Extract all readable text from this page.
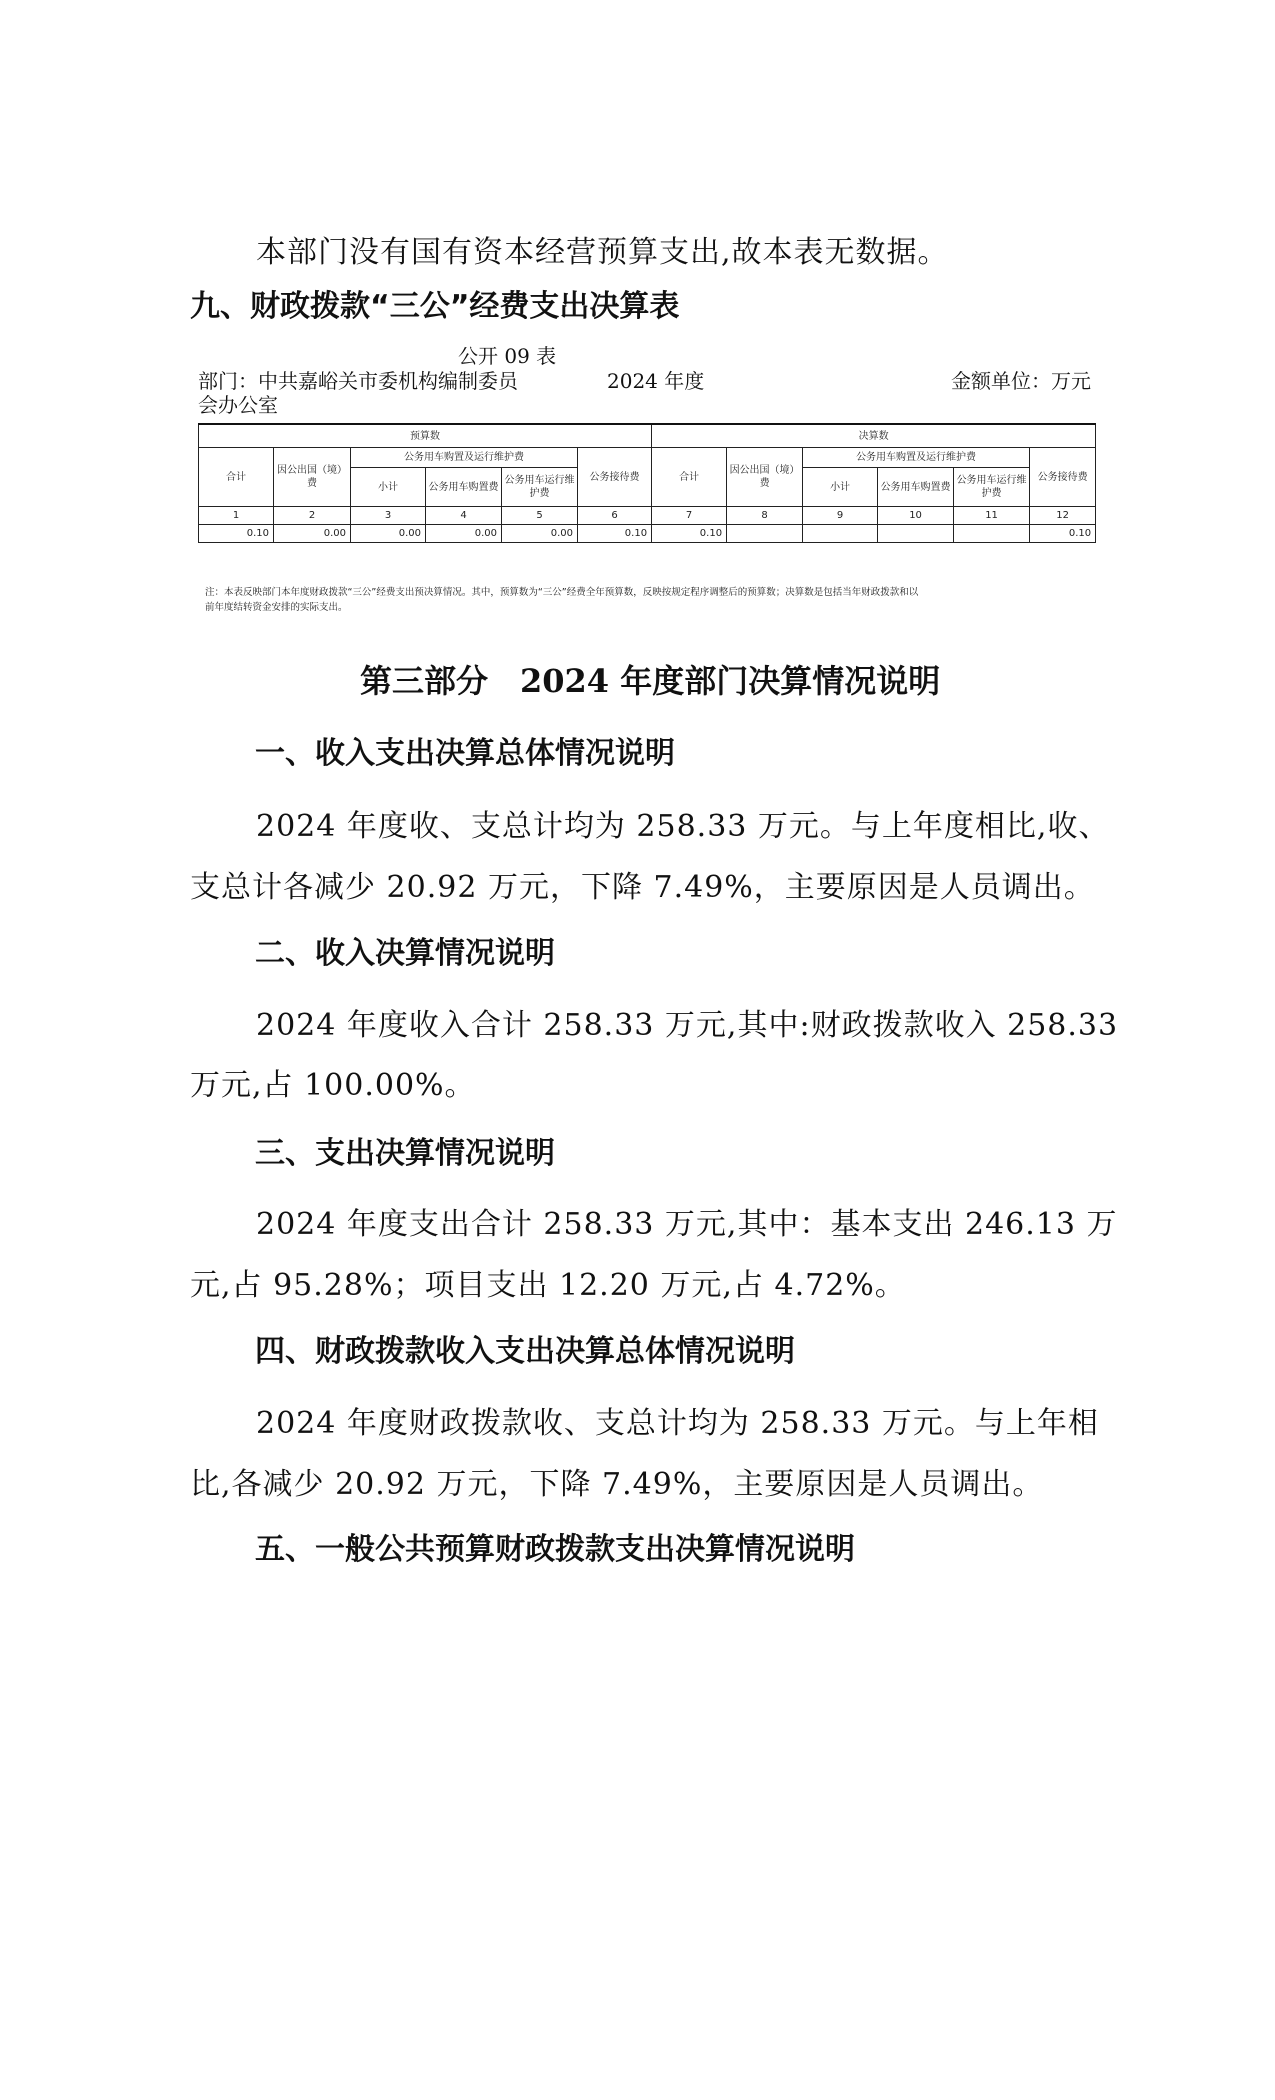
本部门没有国有资本经营预算支出,故本表无数据。
九、财政拨款“三公”经费支出决算表
公开 09 表
部门：中共嘉峪关市委机构编制委员
会办公室
2024 年度	金额单位：万元
预算数						决算数					
合计	因公出国（境）费	公务用车购置及运行维护费			公务接待费	合计	因公出国（境）费	公务用车购置及运行维护费			公务接待费
		小计	公务用车购置费	公务用车运行维护费				小计	公务用车购置费	公务用车运行维护费	
1	2	3	4	5	6	7	8	9	10	11	12
0.10	0.00	0.00	0.00	0.00	0.10	0.10					0.10
注：本表反映部门本年度财政拨款“三公”经费支出预决算情况。其中，预算数为“三公”经费全年预算数，反映按规定程序调整后的预算数；决算数是包括当年财政拨款和以
前年度结转资金安排的实际支出。
第三部分　2024 年度部门决算情况说明
一、收入支出决算总体情况说明
2024 年度收、支总计均为 258.33 万元。与上年度相比,收、
支总计各减少 20.92 万元，下降 7.49%，主要原因是人员调出。
二、收入决算情况说明
2024 年度收入合计 258.33 万元,其中:财政拨款收入 258.33
万元,占 100.00%。
三、支出决算情况说明
2024 年度支出合计 258.33 万元,其中：基本支出 246.13 万
元,占 95.28%；项目支出 12.20 万元,占 4.72%。
四、财政拨款收入支出决算总体情况说明
2024 年度财政拨款收、支总计均为 258.33 万元。与上年相
比,各减少 20.92 万元，下降 7.49%，主要原因是人员调出。
五、一般公共预算财政拨款支出决算情况说明
